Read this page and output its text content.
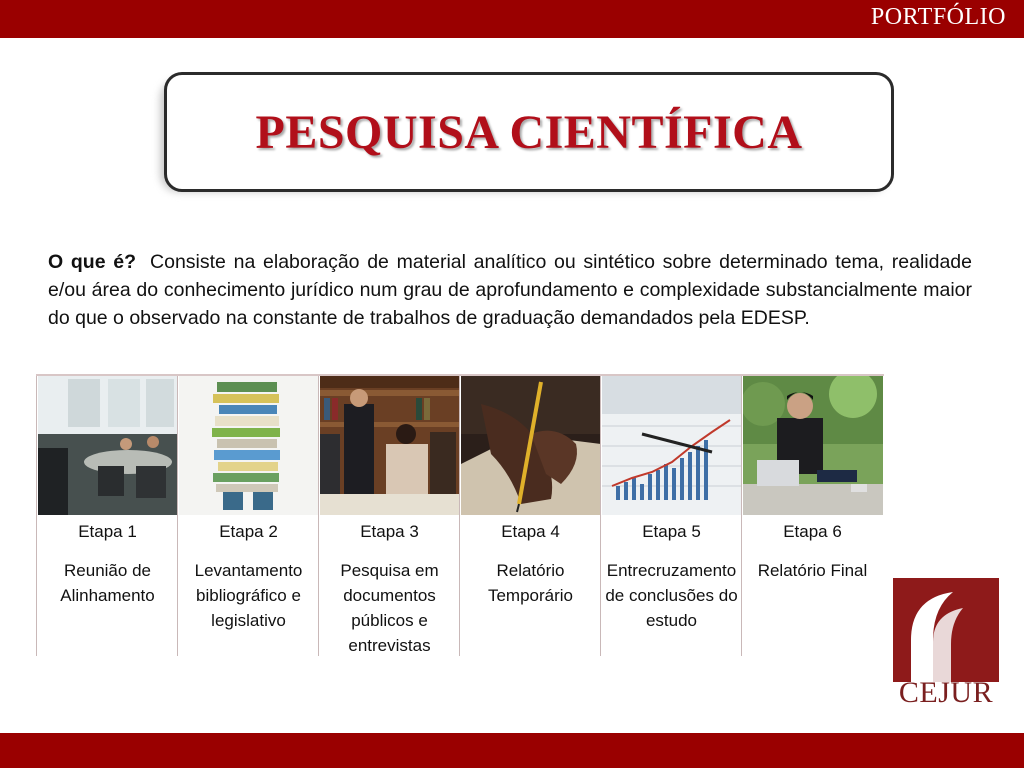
PORTFÓLIO
PESQUISA CIENTÍFICA

O que é? Consiste na elaboração de material analítico ou sintético sobre determinado tema, realidade e/ou área do conhecimento jurídico num grau de aprofundamento e complexidade substancialmente maior do que o observado na constante de trabalhos de graduação demandados pela EDESP.

Etapa 1
Reunião de Alinhamento
Etapa 2
Levantamento bibliográfico e legislativo
Etapa 3
Pesquisa em documentos públicos e entrevistas
Etapa 4
Relatório Temporário
Etapa 5
Entrecruzamento de conclusões do estudo
Etapa 6
Relatório Final
CEJUR
